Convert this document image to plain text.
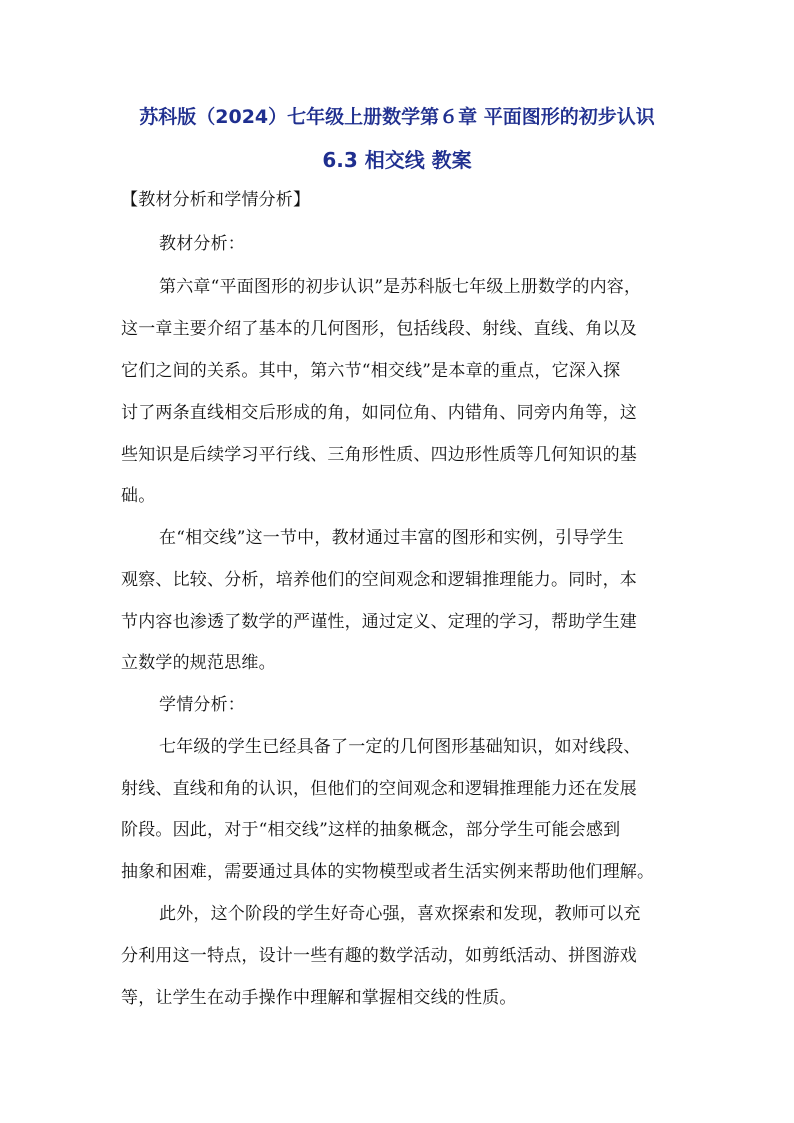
苏科版（2024）七年级上册数学第６章 平面图形的初步认识
6.3 相交线 教案
【教材分析和学情分析】
教材分析：
第六章“平面图形的初步认识”是苏科版七年级上册数学的内容，
这一章主要介绍了基本的几何图形，包括线段、射线、直线、角以及
它们之间的关系。其中，第六节“相交线”是本章的重点，它深入探
讨了两条直线相交后形成的角，如同位角、内错角、同旁内角等，这
些知识是后续学习平行线、三角形性质、四边形性质等几何知识的基
础。
在“相交线”这一节中，教材通过丰富的图形和实例，引导学生
观察、比较、分析，培养他们的空间观念和逻辑推理能力。同时，本
节内容也渗透了数学的严谨性，通过定义、定理的学习，帮助学生建
立数学的规范思维。
学情分析：
七年级的学生已经具备了一定的几何图形基础知识，如对线段、
射线、直线和角的认识，但他们的空间观念和逻辑推理能力还在发展
阶段。因此，对于“相交线”这样的抽象概念，部分学生可能会感到
抽象和困难，需要通过具体的实物模型或者生活实例来帮助他们理解。
此外，这个阶段的学生好奇心强，喜欢探索和发现，教师可以充
分利用这一特点，设计一些有趣的数学活动，如剪纸活动、拼图游戏
等，让学生在动手操作中理解和掌握相交线的性质。
